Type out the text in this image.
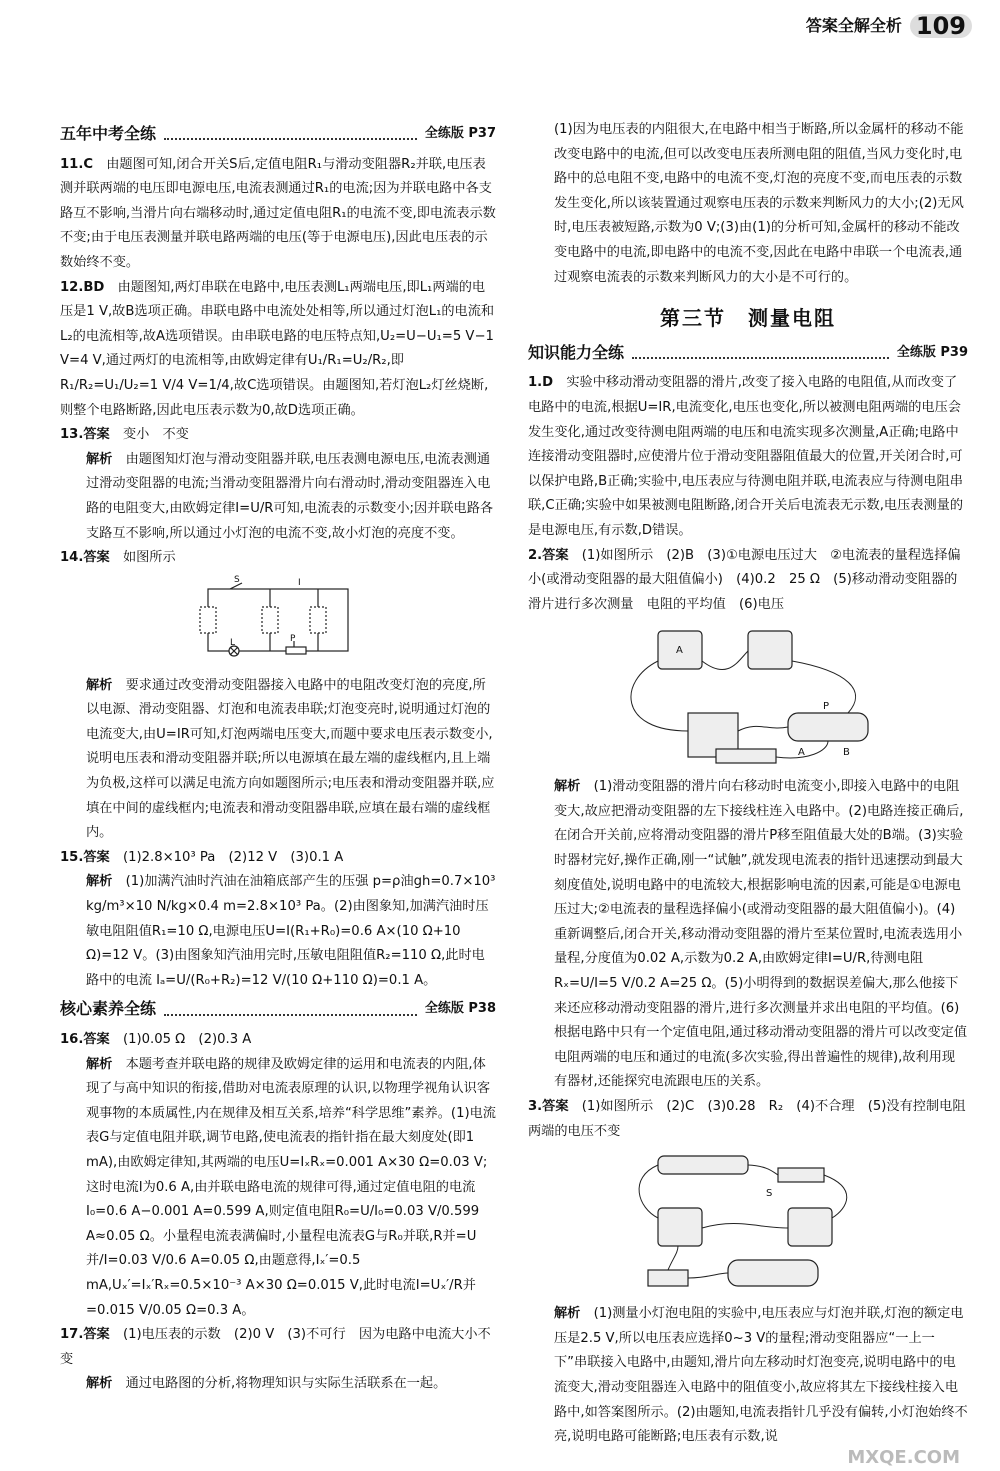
答案全解全析 109
五年中考全练	全练版 P37

11.C　 由题图可知,闭合开关S后,定值电阻R₁与滑动变阻器R₂并联,电压表测并联两端的电压即电源电压,电流表测通过R₁的电流;因为并联电路中各支路互不影响,当滑片向右端移动时,通过定值电阻R₁的电流不变,即电流表示数不变;由于电压表测量并联电路两端的电压(等于电源电压),因此电压表的示数始终不变。

12.BD　 由题图知,两灯串联在电路中,电压表测L₁两端电压,即L₁两端的电压是1 V,故B选项正确。串联电路中电流处处相等,所以通过灯泡L₁的电流和L₂的电流相等,故A选项错误。由串联电路的电压特点知,U₂=U−U₁=5 V−1 V=4 V,通过两灯的电流相等,由欧姆定律有U₁/R₁=U₂/R₂,即R₁/R₂=U₁/U₂=1 V/4 V=1/4,故C选项错误。由题图知,若灯泡L₂灯丝烧断,则整个电路断路,因此电压表示数为0,故D选项正确。

13.答案　 变小　不变

解析　 由题图知灯泡与滑动变阻器并联,电压表测电源电压,电流表测通过滑动变阻器的电流;当滑动变阻器滑片向右滑动时,滑动变阻器连入电路的电阻变大,由欧姆定律I=U/R可知,电流表的示数变小;因并联电路各支路互不影响,所以通过小灯泡的电流不变,故小灯泡的亮度不变。

14.答案　 如图所示

S	I
L	P

解析　 要求通过改变滑动变阻器接入电路中的电阻改变灯泡的亮度,所以电源、滑动变阻器、灯泡和电流表串联;灯泡变亮时,说明通过灯泡的电流变大,由U=IR可知,灯泡两端电压变大,而题中要求电压表示数变小,说明电压表和滑动变阻器并联;所以电源填在最左端的虚线框内,且上端为负极,这样可以满足电流方向如题图所示;电压表和滑动变阻器并联,应填在中间的虚线框内;电流表和滑动变阻器串联,应填在最右端的虚线框内。

15.答案　 (1)2.8×10³ Pa　(2)12 V　(3)0.1 A

解析　 (1)加满汽油时汽油在油箱底部产生的压强 p=ρ油gh=0.7×10³ kg/m³×10 N/kg×0.4 m=2.8×10³ Pa。(2)由图象知,加满汽油时压敏电阻阻值R₁=10 Ω,电源电压U=I(R₁+R₀)=0.6 A×(10 Ω+10 Ω)=12 V。(3)由图象知汽油用完时,压敏电阻阻值R₂=110 Ω,此时电路中的电流 Iₐ=U/(R₀+R₂)=12 V/(10 Ω+110 Ω)=0.1 A。

核心素养全练	全练版 P38

16.答案　 (1)0.05 Ω　(2)0.3 A

解析　 本题考查并联电路的规律及欧姆定律的运用和电流表的内阻,体现了与高中知识的衔接,借助对电流表原理的认识,以物理学视角认识客观事物的本质属性,内在规律及相互关系,培养“科学思维”素养。(1)电流表G与定值电阻并联,调节电路,使电流表的指针指在最大刻度处(即1 mA),由欧姆定律知,其两端的电压U=IₓRₓ=0.001 A×30 Ω=0.03 V;这时电流I为0.6 A,由并联电路电流的规律可得,通过定值电阻的电流I₀=0.6 A−0.001 A=0.599 A,则定值电阻R₀=U/I₀=0.03 V/0.599 A≈0.05 Ω。小量程电流表满偏时,小量程电流表G与R₀并联,R并=U并/I=0.03 V/0.6 A=0.05 Ω,由题意得,Iₓ′=0.5 mA,Uₓ′=Iₓ′Rₓ=0.5×10⁻³ A×30 Ω=0.015 V,此时电流I=Uₓ′/R并=0.015 V/0.05 Ω=0.3 A。

17.答案　 (1)电压表的示数　(2)0 V　(3)不可行　因为电路中电流大小不变

解析　 通过电路图的分析,将物理知识与实际生活联系在一起。

(1)因为电压表的内阻很大,在电路中相当于断路,所以金属杆的移动不能改变电路中的电流,但可以改变电压表所测电阻的阻值,当风力变化时,电路中的总电阻不变,电路中的电流不变,灯泡的亮度不变,而电压表的示数发生变化,所以该装置通过观察电压表的示数来判断风力的大小;(2)无风时,电压表被短路,示数为0 V;(3)由(1)的分析可知,金属杆的移动不能改变电路中的电流,即电路中的电流不变,因此在电路中串联一个电流表,通过观察电流表的示数来判断风力的大小是不可行的。

第三节　测量电阻
知识能力全练	全练版 P39

1.D　 实验中移动滑动变阻器的滑片,改变了接入电路的电阻值,从而改变了电路中的电流,根据U=IR,电流变化,电压也变化,所以被测电阻两端的电压会发生变化,通过改变待测电阻两端的电压和电流实现多次测量,A正确;电路中连接滑动变阻器时,应使滑片位于滑动变阻器阻值最大的位置,开关闭合时,可以保护电路,B正确;实验中,电压表应与待测电阻并联,电流表应与待测电阻串联,C正确;实验中如果被测电阻断路,闭合开关后电流表无示数,电压表测量的是电源电压,有示数,D错误。

2.答案　 (1)如图所示　(2)B　(3)①电源电压过大　②电流表的量程选择偏小(或滑动变阻器的最大阻值偏小)　(4)0.2　25 Ω　(5)移动滑动变阻器的滑片进行多次测量　电阻的平均值　(6)电压

A
P
A	B

解析　 (1)滑动变阻器的滑片向右移动时电流变小,即接入电路中的电阻变大,故应把滑动变阻器的左下接线柱连入电路中。(2)电路连接正确后,在闭合开关前,应将滑动变阻器的滑片P移至阻值最大处的B端。(3)实验时器材完好,操作正确,刚一“试触”,就发现电流表的指针迅速摆动到最大刻度值处,说明电路中的电流较大,根据影响电流的因素,可能是①电源电压过大;②电流表的量程选择偏小(或滑动变阻器的最大阻值偏小)。(4)重新调整后,闭合开关,移动滑动变阻器的滑片至某位置时,电流表选用小量程,分度值为0.02 A,示数为0.2 A,由欧姆定律I=U/R,待测电阻Rₓ=U/I=5 V/0.2 A=25 Ω。(5)小明得到的数据误差偏大,那么他接下来还应移动滑动变阻器的滑片,进行多次测量并求出电阻的平均值。(6)根据电路中只有一个定值电阻,通过移动滑动变阻器的滑片可以改变定值电阻两端的电压和通过的电流(多次实验,得出普遍性的规律),故利用现有器材,还能探究电流跟电压的关系。

3.答案　 (1)如图所示　(2)C　(3)0.28　R₂　(4)不合理　(5)没有控制电阻两端的电压不变

S

解析　 (1)测量小灯泡电阻的实验中,电压表应与灯泡并联,灯泡的额定电压是2.5 V,所以电压表应选择0~3 V的量程;滑动变阻器应“一上一下”串联接入电路中,由题知,滑片向左移动时灯泡变亮,说明电路中的电流变大,滑动变阻器连入电路中的阻值变小,故应将其左下接线柱接入电路中,如答案图所示。(2)由题知,电流表指针几乎没有偏转,小灯泡始终不亮,说明电路可能断路;电压表有示数,说

MXQE.COM
